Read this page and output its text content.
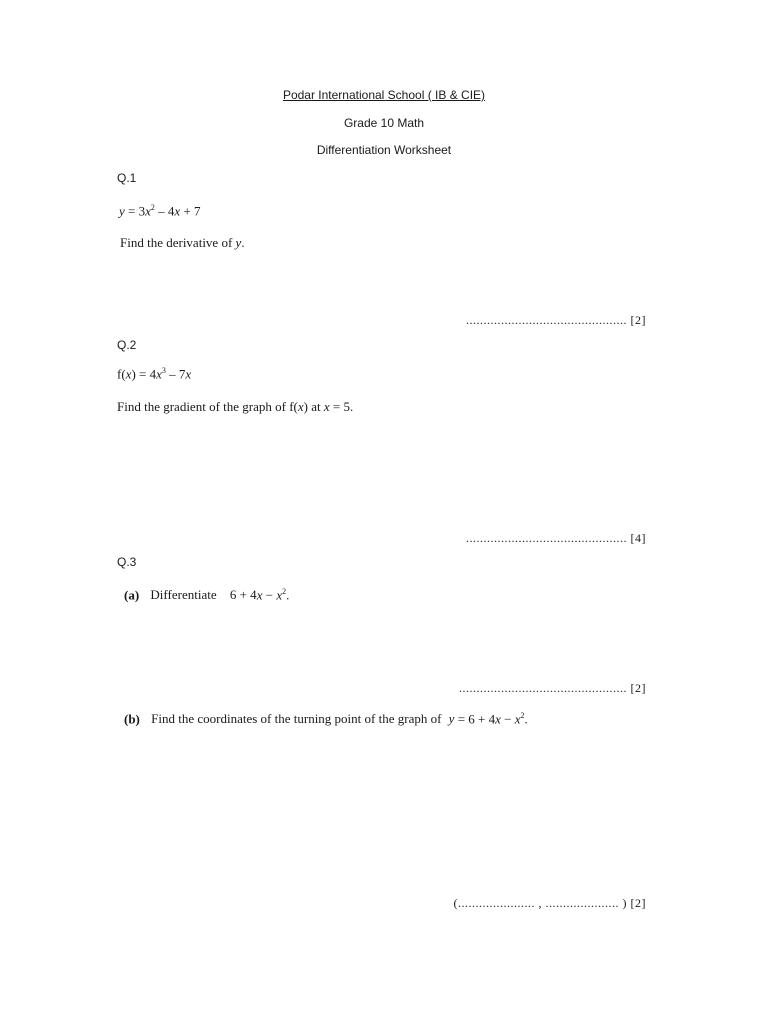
Podar International School ( IB & CIE)
Grade 10 Math
Differentiation Worksheet
Q.1
$y = 3x^2 - 4x + 7$
Find the derivative of y.
.............................................. [2]
Q.2
$f(x) = 4x^3 - 7x$
Find the gradient of the graph of f(x) at x = 5.
.............................................. [4]
Q.3
(a) Differentiate $6 + 4x - x^2$.
................................................ [2]
(b) Find the coordinates of the turning point of the graph of $y = 6 + 4x - x^2$.
(...................... , ..................... ) [2]
